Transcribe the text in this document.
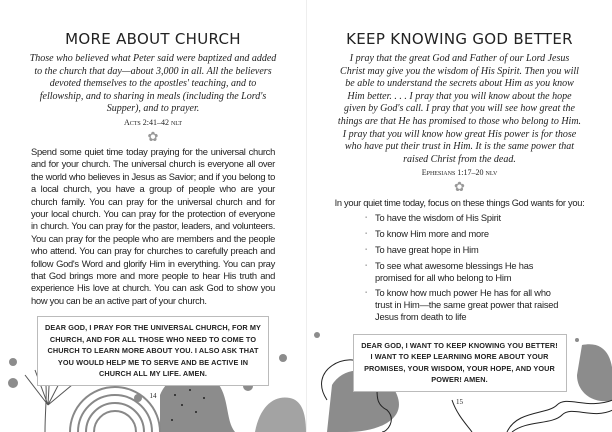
MORE ABOUT CHURCH
Those who believed what Peter said were baptized and added to the church that day—about 3,000 in all. All the believers devoted themselves to the apostles' teaching, and to fellowship, and to sharing in meals (including the Lord's Supper), and to prayer.
Acts 2:41–42 nlt
✿
Spend some quiet time today praying for the universal church and for your church. The universal church is everyone all over the world who believes in Jesus as Savior; and if you belong to a local church, you have a group of people who are your church family. You can pray for the universal church and for your local church. You can pray for the protection of everyone in church. You can pray for the pastor, leaders, and volunteers. You can pray for the people who are members and the people who attend. You can pray for churches to carefully preach and follow God's Word and glorify Him in everything. You can pray that God brings more and more people to hear His truth and experience His love at church. You can ask God to show you how you can be an active part of your church.
DEAR GOD, I PRAY FOR THE UNIVERSAL CHURCH, FOR MY CHURCH, AND FOR ALL THOSE WHO NEED TO COME TO CHURCH TO LEARN MORE ABOUT YOU. I ALSO ASK THAT YOU WOULD HELP ME TO SERVE AND BE ACTIVE IN CHURCH ALL MY LIFE. AMEN.
14
KEEP KNOWING GOD BETTER
I pray that the great God and Father of our Lord Jesus Christ may give you the wisdom of His Spirit. Then you will be able to understand the secrets about Him as you know Him better. . . . I pray that you will know about the hope given by God's call. I pray that you will see how great the things are that He has promised to those who belong to Him. I pray that you will know how great His power is for those who have put their trust in Him. It is the same power that raised Christ from the dead.
Ephesians 1:17–20 nlv
✿
In your quiet time today, focus on these things God wants for you:
▪ To have the wisdom of His Spirit
▪ To know Him more and more
▪ To have great hope in Him
▪ To see what awesome blessings He has promised for all who belong to Him
▪ To know how much power He has for all who trust in Him—the same great power that raised Jesus from death to life
DEAR GOD, I WANT TO KEEP KNOWING YOU BETTER! I WANT TO KEEP LEARNING MORE ABOUT YOUR PROMISES, YOUR WISDOM, YOUR HOPE, AND YOUR POWER! AMEN.
15
